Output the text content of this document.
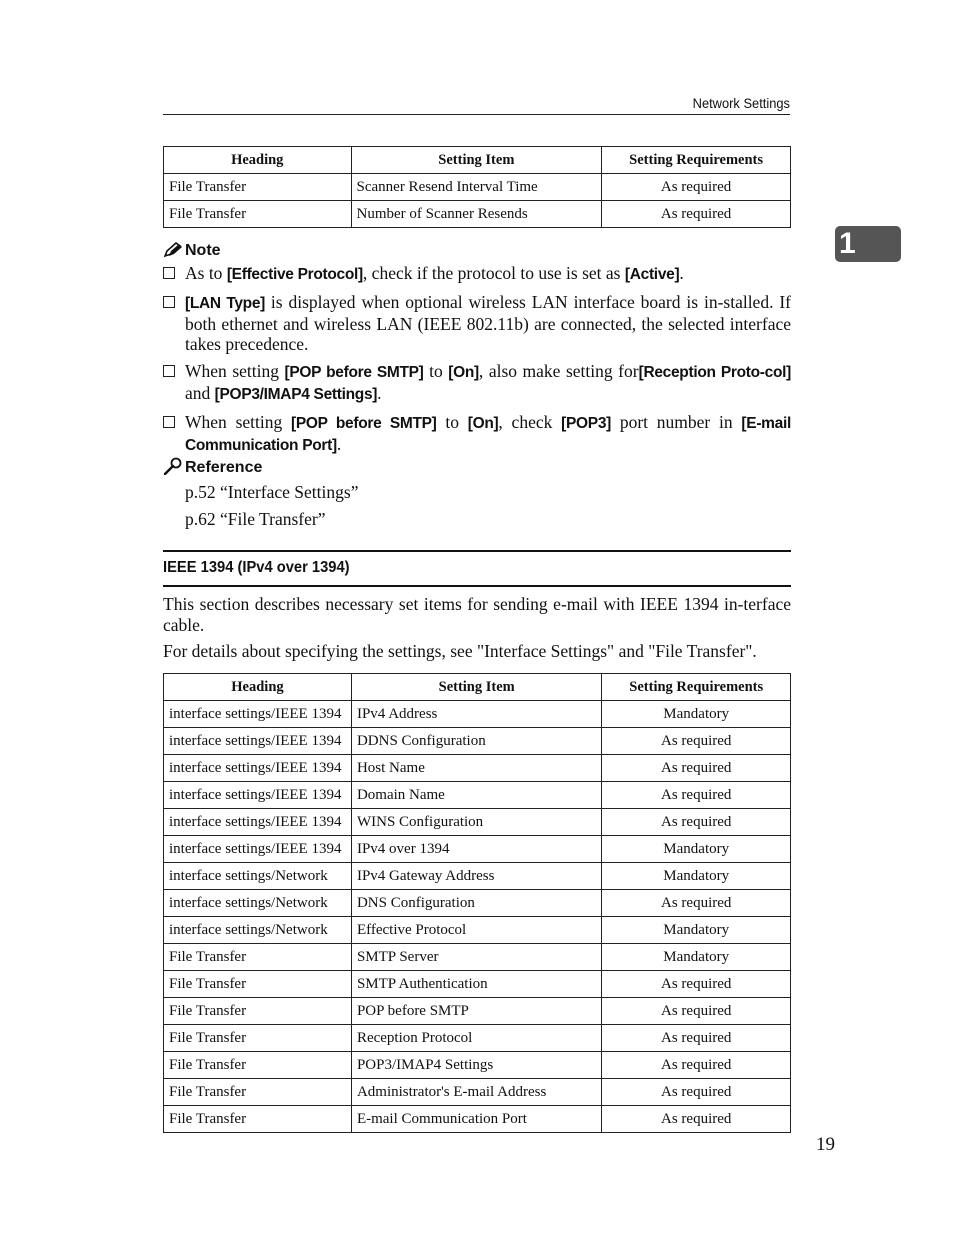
Network Settings
Heading	Setting Item	Setting Requirements
File Transfer	Scanner Resend Interval Time	As required
File Transfer	Number of Scanner Resends	As required
1
Note
As to [Effective Protocol], check if the protocol to use is set as [Active].
[LAN Type] is displayed when optional wireless LAN interface board is in-stalled. If both ethernet and wireless LAN (IEEE 802.11b) are connected, the selected interface takes precedence.
When setting [POP before SMTP] to [On], also make setting for[Reception Proto-col] and [POP3/IMAP4 Settings].
When setting [POP before SMTP] to [On], check [POP3] port number in [E-mail Communication Port].
Reference
p.52 “Interface Settings”
p.62 “File Transfer”
IEEE 1394 (IPv4 over 1394)
This section describes necessary set items for sending e-mail with IEEE 1394 in-terface cable.
For details about specifying the settings, see "Interface Settings" and "File Transfer".
Heading	Setting Item	Setting Requirements
interface settings/IEEE 1394	IPv4 Address	Mandatory
interface settings/IEEE 1394	DDNS Configuration	As required
interface settings/IEEE 1394	Host Name	As required
interface settings/IEEE 1394	Domain Name	As required
interface settings/IEEE 1394	WINS Configuration	As required
interface settings/IEEE 1394	IPv4 over 1394	Mandatory
interface settings/Network	IPv4 Gateway Address	Mandatory
interface settings/Network	DNS Configuration	As required
interface settings/Network	Effective Protocol	Mandatory
File Transfer	SMTP Server	Mandatory
File Transfer	SMTP Authentication	As required
File Transfer	POP before SMTP	As required
File Transfer	Reception Protocol	As required
File Transfer	POP3/IMAP4 Settings	As required
File Transfer	Administrator's E-mail Address	As required
File Transfer	E-mail Communication Port	As required
19
